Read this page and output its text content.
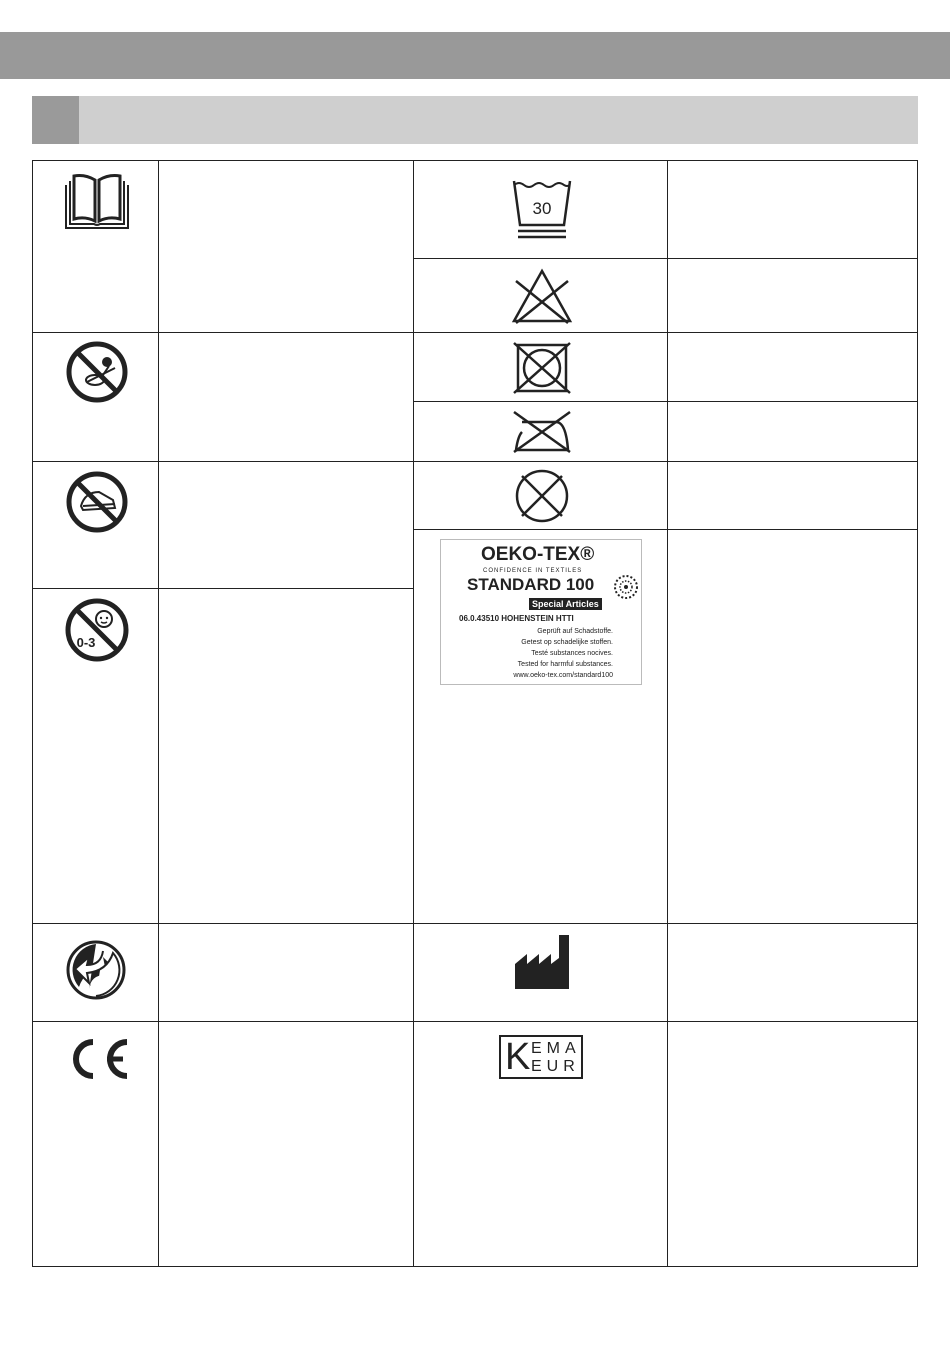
30
OEKO-TEX®
CONFIDENCE IN TEXTILES
STANDARD 100
Special Articles
06.0.43510 HOHENSTEIN HTTI
Geprüft auf Schadstoffe.
Getest op schadelijke stoffen.
Testé substances nocives.
Tested for harmful substances.
www.oeko-tex.com/standard100
0-3
K EMA
EUR
